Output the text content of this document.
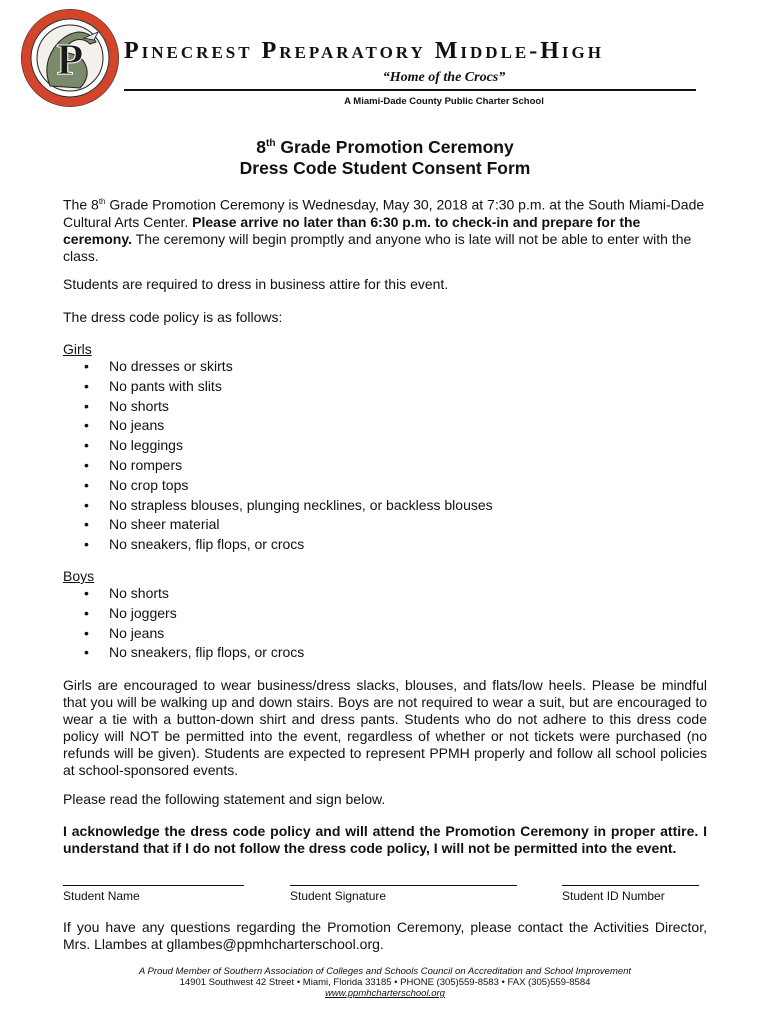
P Pinecrest Preparatory Middle-High
“Home of the Crocs”
A Miami-Dade County Public Charter School
8th Grade Promotion Ceremony
Dress Code Student Consent Form
The 8th Grade Promotion Ceremony is Wednesday, May 30, 2018 at 7:30 p.m. at the South Miami-Dade Cultural Arts Center. Please arrive no later than 6:30 p.m. to check-in and prepare for the ceremony. The ceremony will begin promptly and anyone who is late will not be able to enter with the class.
Students are required to dress in business attire for this event.
The dress code policy is as follows:
Girls
• No dresses or skirts
• No pants with slits
• No shorts
• No jeans
• No leggings
• No rompers
• No crop tops
• No strapless blouses, plunging necklines, or backless blouses
• No sheer material
• No sneakers, flip flops, or crocs
Boys
• No shorts
• No joggers
• No jeans
• No sneakers, flip flops, or crocs
Girls are encouraged to wear business/dress slacks, blouses, and flats/low heels. Please be mindful that you will be walking up and down stairs. Boys are not required to wear a suit, but are encouraged to wear a tie with a button-down shirt and dress pants. Students who do not adhere to this dress code policy will NOT be permitted into the event, regardless of whether or not tickets were purchased (no refunds will be given). Students are expected to represent PPMH properly and follow all school policies at school-sponsored events.
Please read the following statement and sign below.
I acknowledge the dress code policy and will attend the Promotion Ceremony in proper attire. I understand that if I do not follow the dress code policy, I will not be permitted into the event.
Student Name	Student Signature	Student ID Number
If you have any questions regarding the Promotion Ceremony, please contact the Activities Director, Mrs. Llambes at gllambes@ppmhcharterschool.org.
A Proud Member of Southern Association of Colleges and Schools Council on Accreditation and School Improvement
14901 Southwest 42 Street • Miami, Florida 33185 • PHONE (305)559-8583 • FAX (305)559-8584
www.ppmhcharterschool.org
